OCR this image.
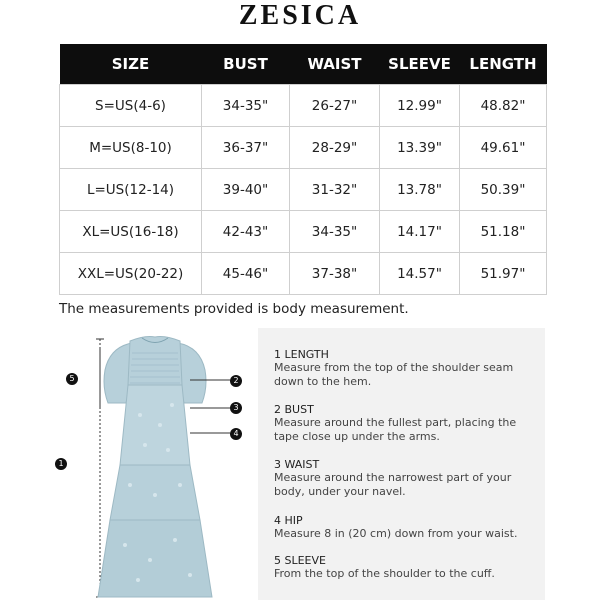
ZESICA
SIZE	BUST	WAIST	SLEEVE	LENGTH
S=US(4-6)	34-35"	26-27"	12.99"	48.82"
M=US(8-10)	36-37"	28-29"	13.39"	49.61"
L=US(12-14)	39-40"	31-32"	13.78"	50.39"
XL=US(16-18)	42-43"	34-35"	14.17"	51.18"
XXL=US(20-22)	45-46"	37-38"	14.57"	51.97"
The measurements provided is body measurement.
5
1
2
3
4
1 LENGTH
Measure from the top of the shoulder seam down to the hem.
2 BUST
Measure around the fullest part, placing the tape close up under the arms.
3 WAIST
Measure around the narrowest part of your body, under your navel.
4 HIP
Measure 8 in (20 cm) down from your waist.
5 SLEEVE
From the top of the shoulder to the cuff.
